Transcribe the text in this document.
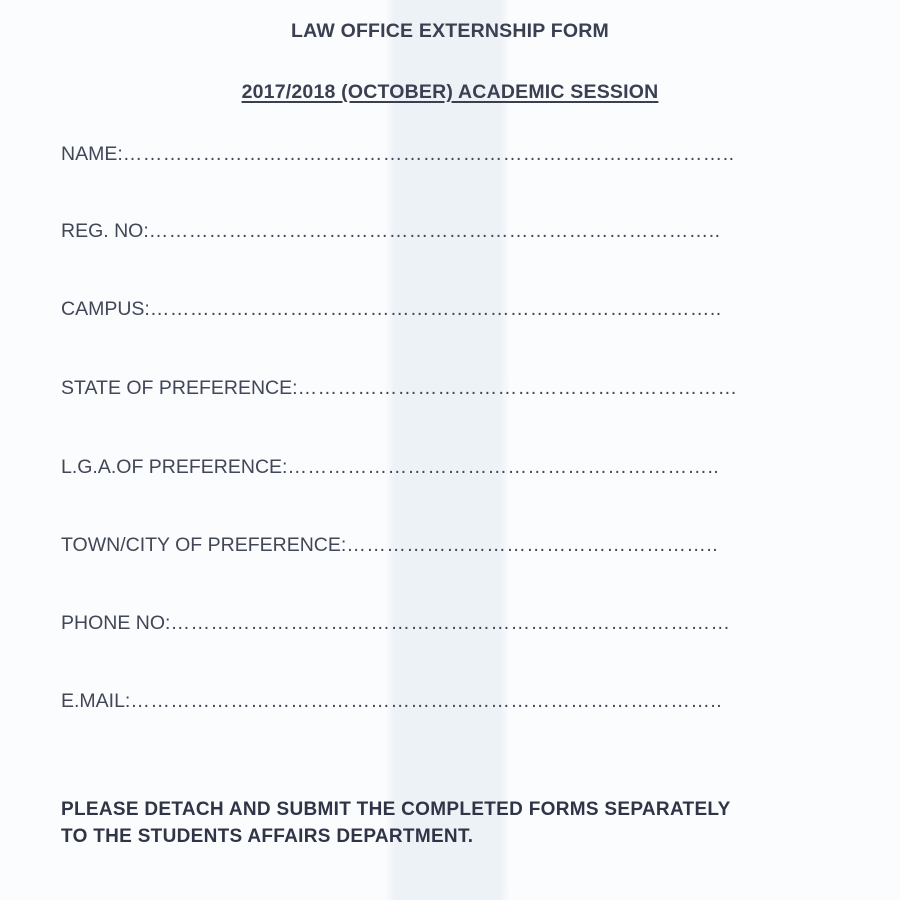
LAW OFFICE EXTERNSHIP FORM
2017/2018 (OCTOBER) ACADEMIC SESSION
NAME:………………………………………………………………………………..
REG. NO:…………………………………………………………………………..
CAMPUS:…………………………………………………………………………..
STATE OF PREFERENCE:…………………………………………………………
L.G.A.OF PREFERENCE:………………………………………………………..
TOWN/CITY OF PREFERENCE:………………………………………………..
PHONE NO:…………………………………………………………………………
E.MAIL:……………………………………………………………………………..
PLEASE DETACH AND SUBMIT THE COMPLETED FORMS SEPARATELY
TO THE STUDENTS AFFAIRS DEPARTMENT.
